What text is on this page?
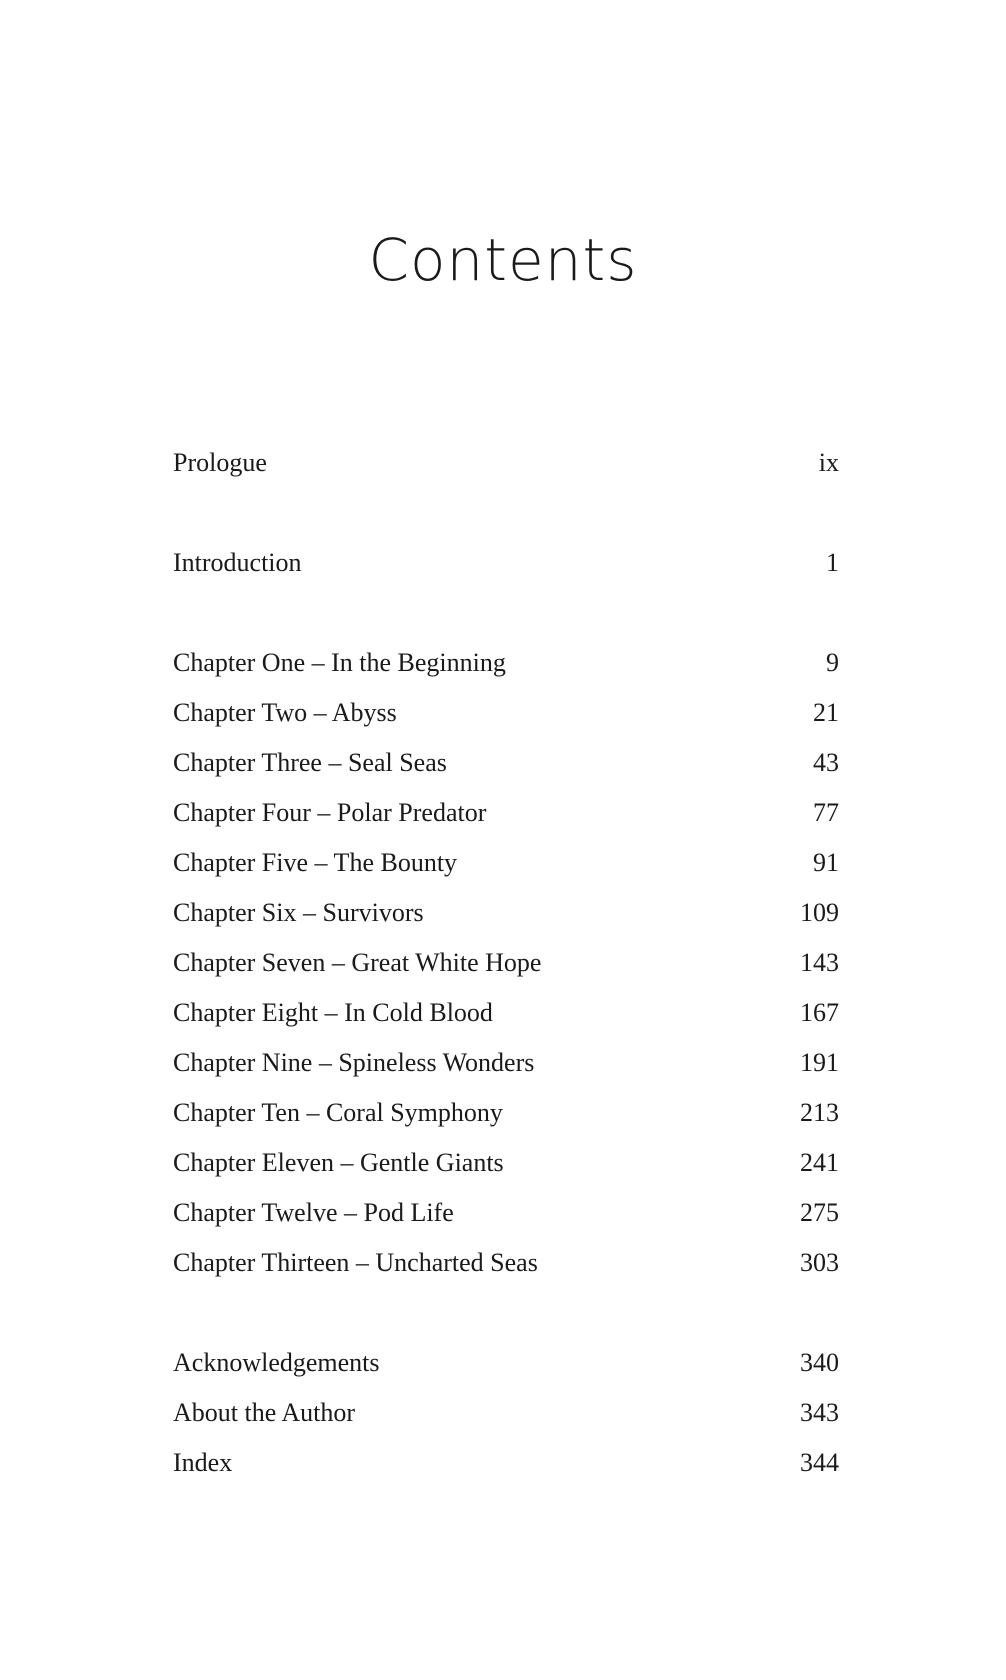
Contents
Prologue	ix
Introduction	1
Chapter One – In the Beginning	9
Chapter Two – Abyss	21
Chapter Three – Seal Seas	43
Chapter Four – Polar Predator	77
Chapter Five – The Bounty	91
Chapter Six – Survivors	109
Chapter Seven – Great White Hope	143
Chapter Eight – In Cold Blood	167
Chapter Nine – Spineless Wonders	191
Chapter Ten – Coral Symphony	213
Chapter Eleven – Gentle Giants	241
Chapter Twelve – Pod Life	275
Chapter Thirteen – Uncharted Seas	303
Acknowledgements	340
About the Author	343
Index	344
